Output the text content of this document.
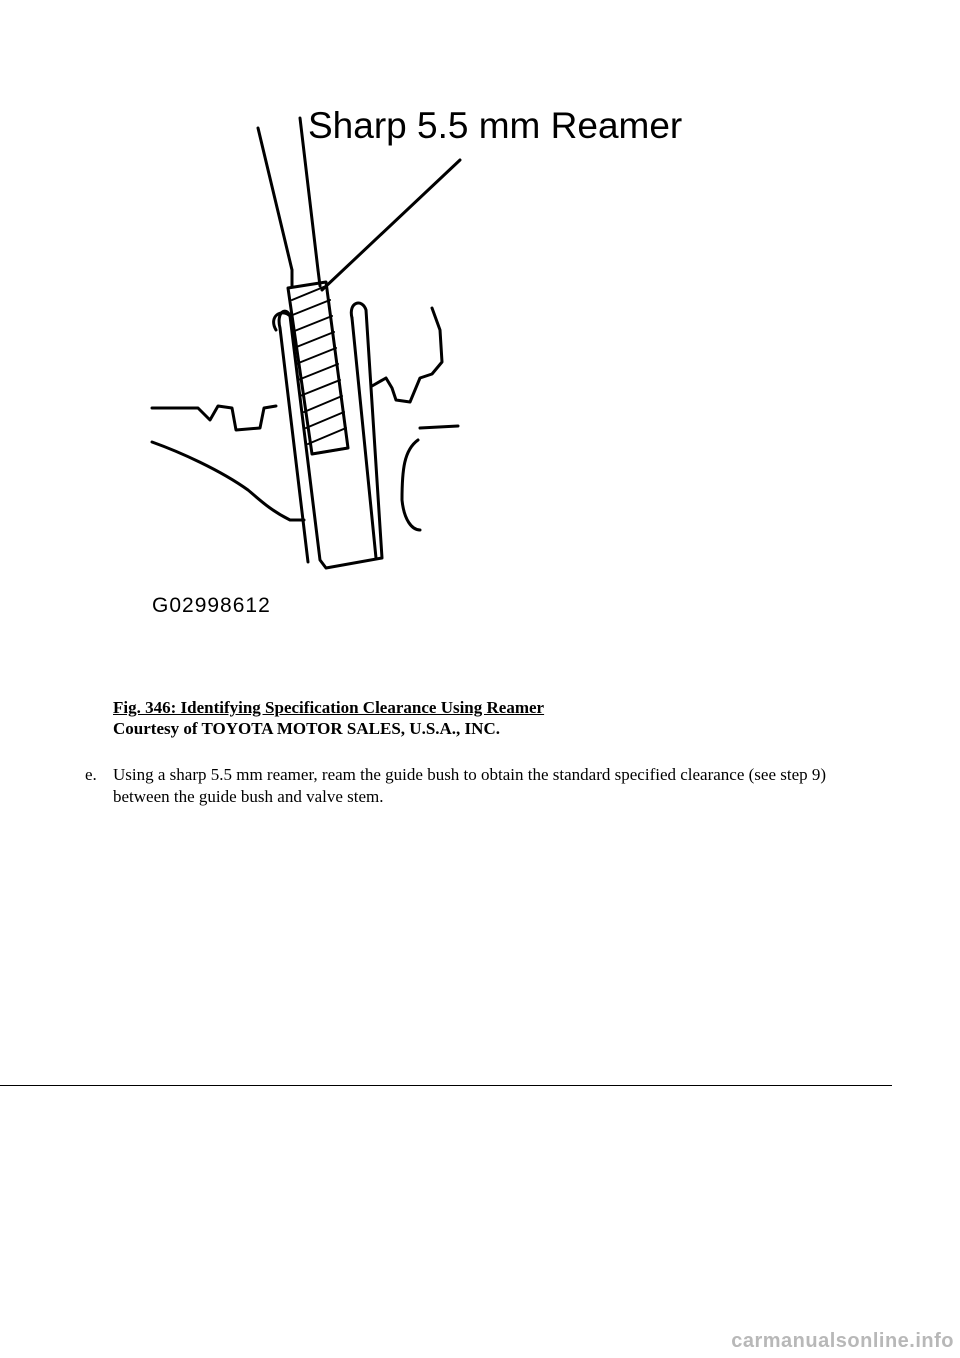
Sharp 5.5 mm Reamer
G02998612
Fig. 346: Identifying Specification Clearance Using Reamer
Courtesy of TOYOTA MOTOR SALES, U.S.A., INC.
e. Using a sharp 5.5 mm reamer, ream the guide bush to obtain the standard specified clearance (see step 9) between the guide bush and valve stem.
carmanualsonline.info
